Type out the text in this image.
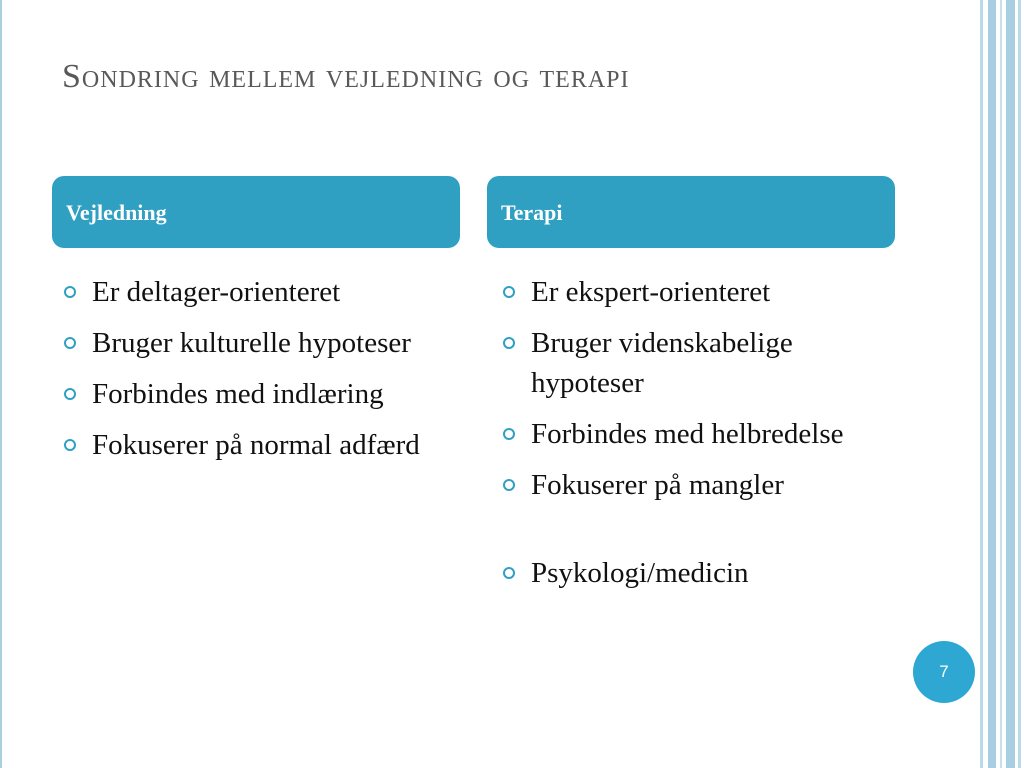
Sondring mellem vejledning og terapi
Vejledning	Terapi
Er deltager-orienteret
Bruger kulturelle hypoteser
Forbindes med indlæring
Fokuserer på normal adfærd
Er ekspert-orienteret
Bruger videnskabelige hypoteser
Forbindes med helbredelse
Fokuserer på mangler
Psykologi/medicin
7
